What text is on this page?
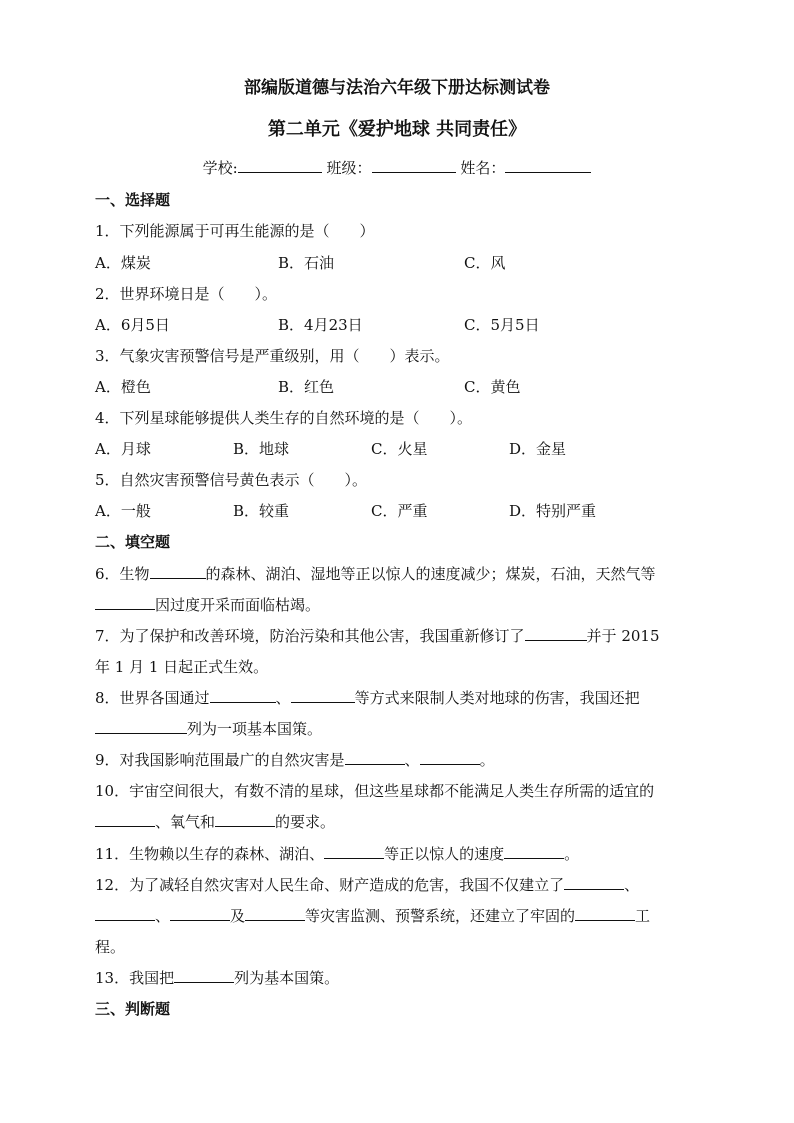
部编版道德与法治六年级下册达标测试卷
第二单元《爱护地球 共同责任》
学校:	班级：	姓名：
一、选择题
1．下列能源属于可再生能源的是（　　）
A．煤炭	B．石油	C．风
2．世界环境日是（　　）。
A．6月5日	B．4月23日	C．5月5日
3．气象灾害预警信号是严重级别，用（　　）表示。
A．橙色	B．红色	C．黄色
4．下列星球能够提供人类生存的自然环境的是（　　）。
A．月球	B．地球	C．火星	D．金星
5．自然灾害预警信号黄色表示（　　）。
A．一般	B．较重	C．严重	D．特别严重
二、填空题
6．生物	的森林、湖泊、湿地等正以惊人的速度减少；煤炭，石油，天然气等
因过度开采而面临枯竭。
7．为了保护和改善环境，防治污染和其他公害，我国重新修订了	并于 2015
年 1 月 1 日起正式生效。
8．世界各国通过	、	等方式来限制人类对地球的伤害，我国还把
列为一项基本国策。
9．对我国影响范围最广的自然灾害是	、	。
10．宇宙空间很大，有数不清的星球，但这些星球都不能满足人类生存所需的适宜的
、氧气和	的要求。
11．生物赖以生存的森林、湖泊、	等正以惊人的速度	。
12．为了减轻自然灾害对人民生命、财产造成的危害，我国不仅建立了	、
、	及	等灾害监测、预警系统，还建立了牢固的	工
程。
13．我国把	列为基本国策。
三、判断题
